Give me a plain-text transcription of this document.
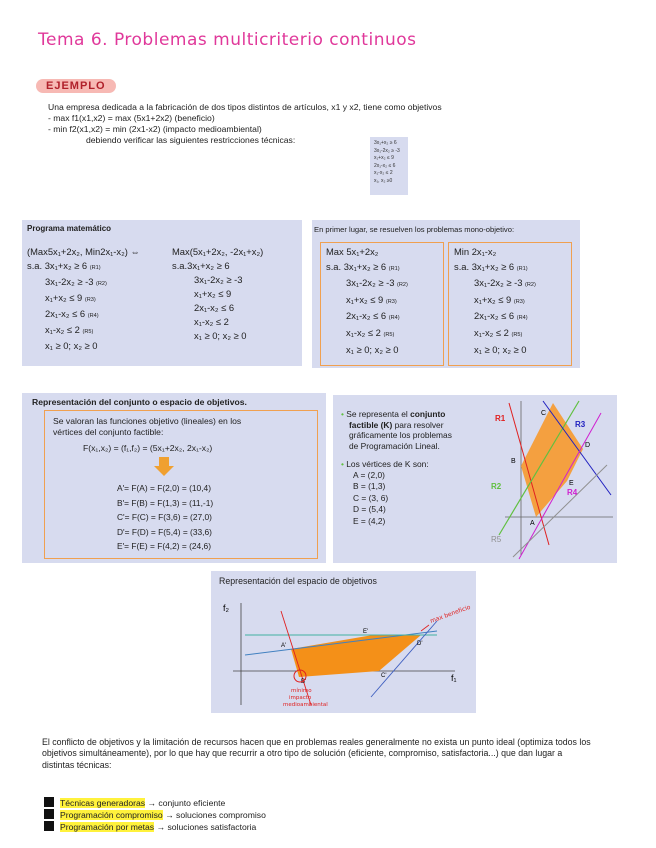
Tema 6. Problemas multicriterio continuos
EJEMPLO
Una empresa dedicada a la fabricación de dos tipos distintos de artículos, x1 y x2, tiene como objetivos
- max f1(x1,x2) = max (5x1+2x2) (beneficio)
- min f2(x1,x2) = min (2x1-x2) (impacto medioambiental)
debiendo verificar las siguientes restricciones técnicas:	3x₁+x₂ ≥ 6
3x₁-2x₂ ≥ -3
x₁+x₂ ≤ 9
2x₁-x₂ ≤ 6
x₁-x₂ ≤ 2
x₁, x₂ ≥0
Programa matemático
(Max5x₁+2x₂, Min2x₁-x₂) ⇔
s.a. 3x₁+x₂ ≥ 6 (R1)
3x₁-2x₂ ≥ -3 (R2)
x₁+x₂ ≤ 9 (R3)
2x₁-x₂ ≤ 6 (R4)
x₁-x₂ ≤ 2 (R5)
x₁ ≥ 0; x₂ ≥ 0
Max(5x₁+2x₂, -2x₁+x₂)
s.a.3x₁+x₂ ≥ 6
3x₁-2x₂ ≥ -3
x₁+x₂ ≤ 9
2x₁-x₂ ≤ 6
x₁-x₂ ≤ 2
x₁ ≥ 0; x₂ ≥ 0
En primer lugar, se resuelven los problemas mono-objetivo:
Max 5x₁+2x₂
s.a. 3x₁+x₂ ≥ 6 (R1)
3x₁-2x₂ ≥ -3 (R2)
x₁+x₂ ≤ 9 (R3)
2x₁-x₂ ≤ 6 (R4)
x₁-x₂ ≤ 2 (R5)
x₁ ≥ 0; x₂ ≥ 0
Min 2x₁-x₂
s.a. 3x₁+x₂ ≥ 6 (R1)
3x₁-2x₂ ≥ -3 (R2)
x₁+x₂ ≤ 9 (R3)
2x₁-x₂ ≤ 6 (R4)
x₁-x₂ ≤ 2 (R5)
x₁ ≥ 0; x₂ ≥ 0
Representación del conjunto o espacio de objetivos.
Se valoran las funciones objetivo (lineales) en los
vértices del conjunto factible:
F(x₁,x₂) = (f₁,f₂) = (5x₁+2x₂, 2x₁-x₂)
A'= F(A) = F(2,0) = (10,4)
B'= F(B) = F(1,3) = (11,-1)
C'= F(C) = F(3,6) = (27,0)
D'= F(D) = F(5,4) = (33,6)
E'= F(E) = F(4,2) = (24,6)
• Se representa el conjunto
factible (K) para resolver
gráficamente los problemas
de Programación Lineal.
• Los vértices de K son:
A = (2,0)
B = (1,3)
C = (3, 6)
D = (5,4)
E = (4,2)
R1
R2
R3
R4
R5
A
B
C
D
E
Representación del espacio de objetivos
f₁
f₂
A'
B'
C'
D'
E'
max beneficio
mínimo
impacto
medioambiental
El conflicto de objetivos y la limitación de recursos hacen que en problemas reales generalmente no exista un punto ideal (optimiza todos los objetivos simultáneamente), por lo que hay que recurrir a otro tipo de solución (eficiente, compromiso, satisfactoria...) que dan lugar a distintas técnicas:
Técnicas generadoras → conjunto eficiente
Programación compromiso → soluciones compromiso
Programación por metas → soluciones satisfactoria
